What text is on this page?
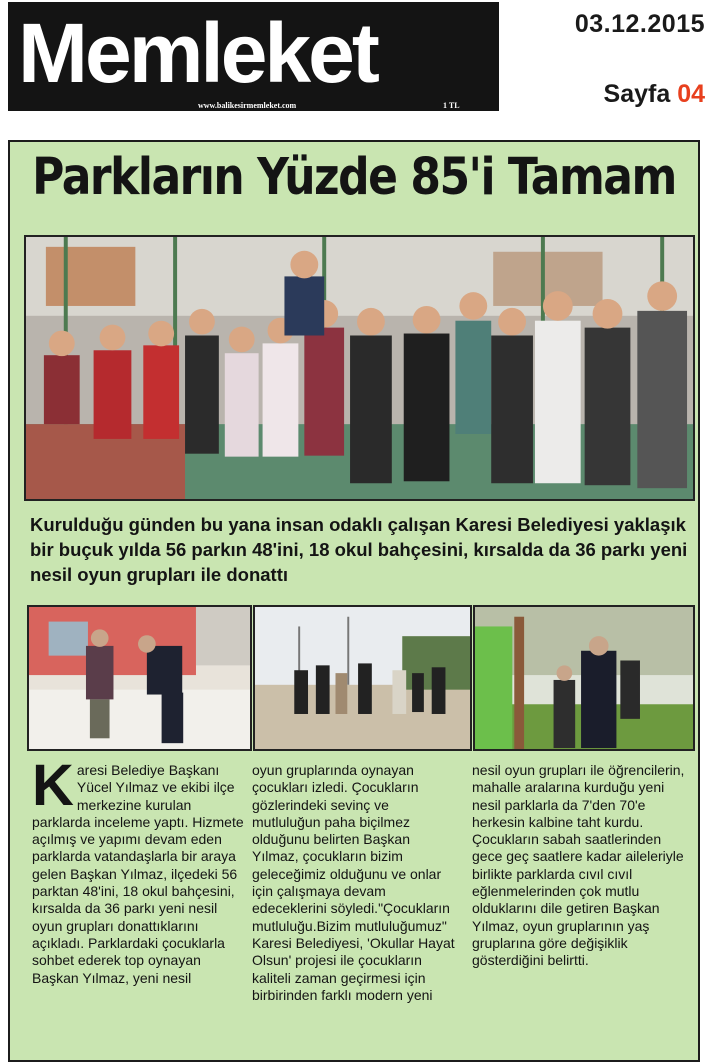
Memleket
www.balikesirmemleket.com	1 TL
03.12.2015
Sayfa 04
Parkların Yüzde 85'i Tamam
Kurulduğu günden bu yana insan odaklı çalışan Karesi Belediyesi yaklaşık bir buçuk yılda 56 parkın 48'ini, 18 okul bahçesini, kırsalda da 36 parkı yeni nesil oyun grupları ile donattı
Karesi Belediye Başkanı Yücel Yılmaz ve ekibi ilçe merkezine kurulan parklarda inceleme yaptı. Hizmete açılmış ve yapımı devam eden parklarda vatandaşlarla bir araya gelen Başkan Yılmaz, ilçedeki 56 parktan 48'ini, 18 okul bahçesini, kırsalda da 36 parkı yeni nesil oyun grupları donattıklarını açıkladı. Parklardaki çocuklarla sohbet ederek top oynayan Başkan Yılmaz, yeni nesil
oyun gruplarında oynayan çocukları izledi. Çocukların gözlerindeki sevinç ve mutluluğun paha biçilmez olduğunu belirten Başkan Yılmaz, çocukların bizim geleceğimiz olduğunu ve onlar için çalışmaya devam edeceklerini söyledi."Çocukların mutluluğu.Bizim mutluluğumuz" Karesi Belediyesi, 'Okullar Hayat Olsun' projesi ile çocukların kaliteli zaman geçirmesi için birbirinden farklı modern yeni
nesil oyun grupları ile öğrencilerin, mahalle aralarına kurduğu yeni nesil parklarla da 7'den 70'e herkesin kalbine taht kurdu. Çocukların sabah saatlerinden gece geç saatlere kadar aileleriyle birlikte parklarda cıvıl cıvıl eğlenmelerinden çok mutlu olduklarını dile getiren Başkan Yılmaz, oyun gruplarının yaş gruplarına göre değişiklik gösterdiğini belirtti.
